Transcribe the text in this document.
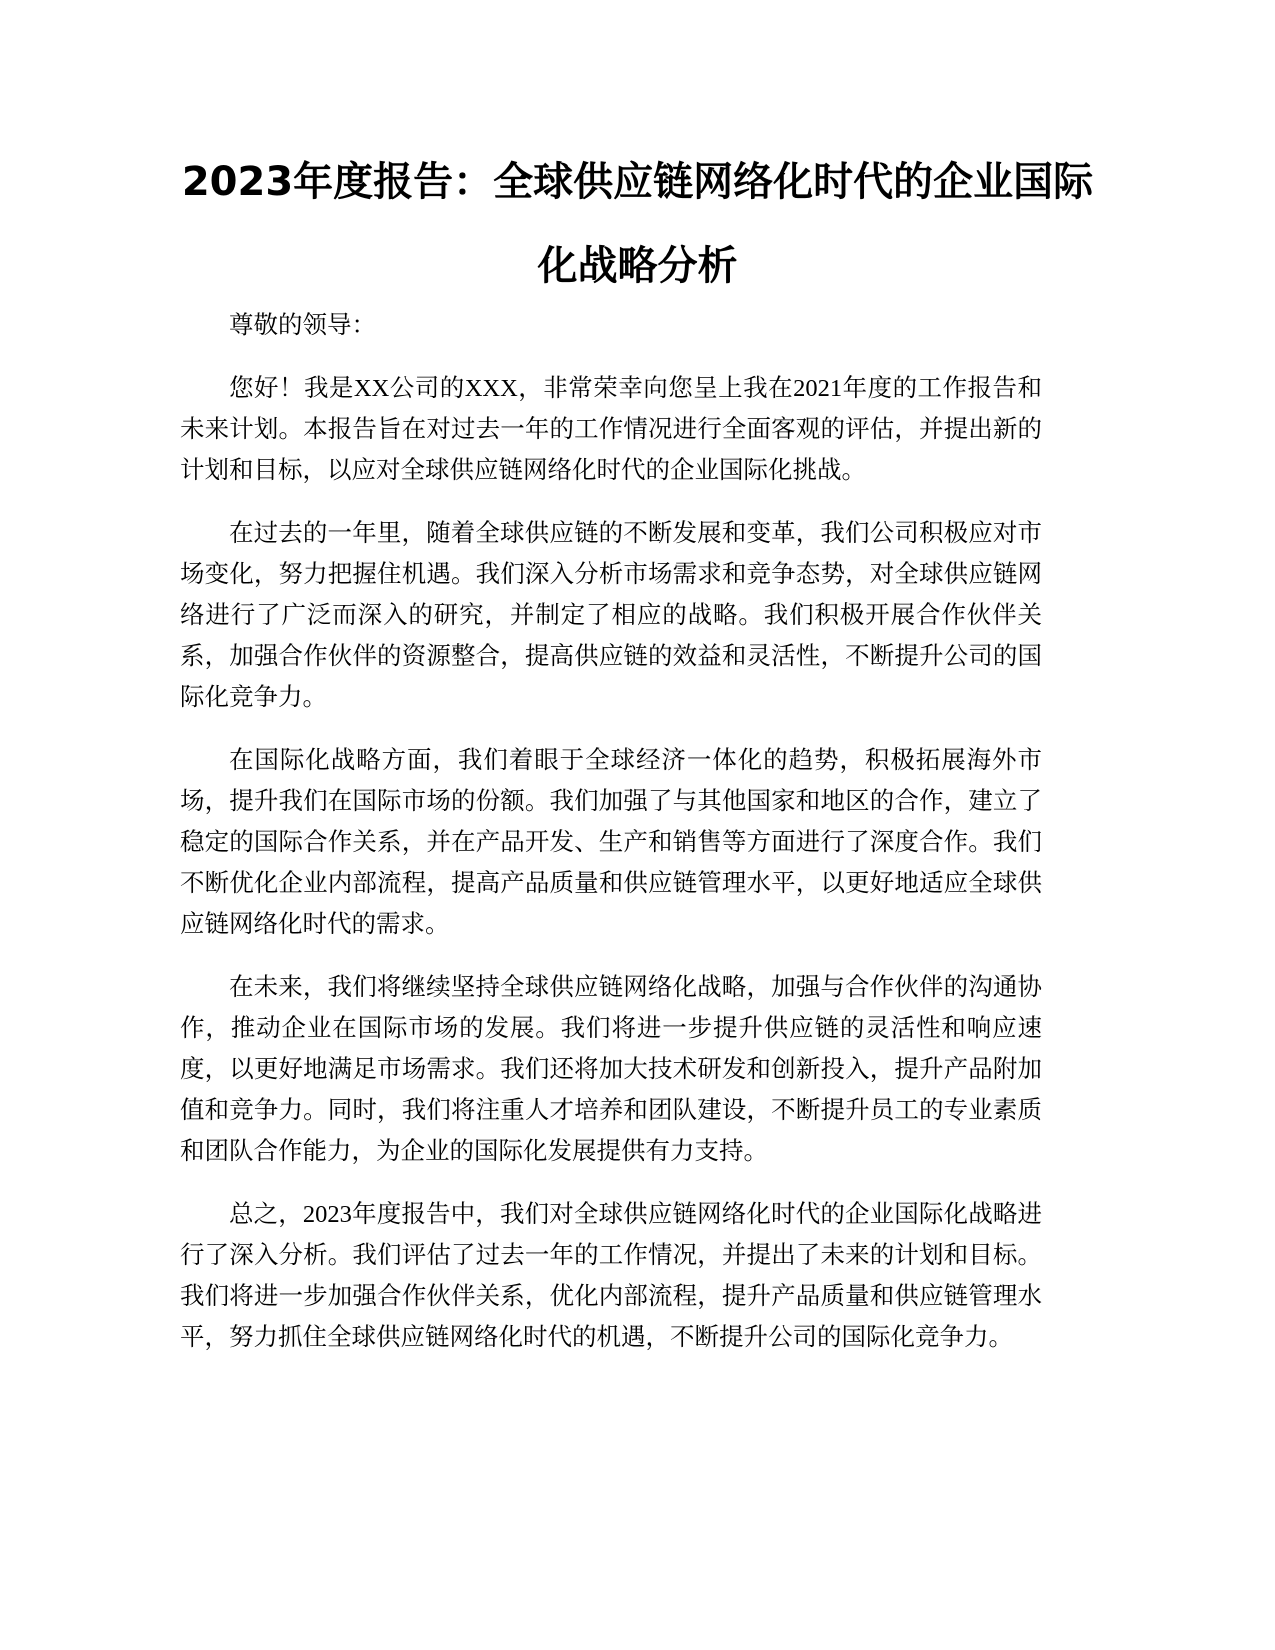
2023年度报告：全球供应链网络化时代的企业国际化战略分析

尊敬的领导：

您好！我是XX公司的XXX，非常荣幸向您呈上我在2021年度的工作报告和未来计划。本报告旨在对过去一年的工作情况进行全面客观的评估，并提出新的计划和目标，以应对全球供应链网络化时代的企业国际化挑战。

在过去的一年里，随着全球供应链的不断发展和变革，我们公司积极应对市场变化，努力把握住机遇。我们深入分析市场需求和竞争态势，对全球供应链网络进行了广泛而深入的研究，并制定了相应的战略。我们积极开展合作伙伴关系，加强合作伙伴的资源整合，提高供应链的效益和灵活性，不断提升公司的国际化竞争力。

在国际化战略方面，我们着眼于全球经济一体化的趋势，积极拓展海外市场，提升我们在国际市场的份额。我们加强了与其他国家和地区的合作，建立了稳定的国际合作关系，并在产品开发、生产和销售等方面进行了深度合作。我们不断优化企业内部流程，提高产品质量和供应链管理水平，以更好地适应全球供应链网络化时代的需求。

在未来，我们将继续坚持全球供应链网络化战略，加强与合作伙伴的沟通协作，推动企业在国际市场的发展。我们将进一步提升供应链的灵活性和响应速度，以更好地满足市场需求。我们还将加大技术研发和创新投入，提升产品附加值和竞争力。同时，我们将注重人才培养和团队建设，不断提升员工的专业素质和团队合作能力，为企业的国际化发展提供有力支持。

总之，2023年度报告中，我们对全球供应链网络化时代的企业国际化战略进行了深入分析。我们评估了过去一年的工作情况，并提出了未来的计划和目标。我们将进一步加强合作伙伴关系，优化内部流程，提升产品质量和供应链管理水平，努力抓住全球供应链网络化时代的机遇，不断提升公司的国际化竞争力。
